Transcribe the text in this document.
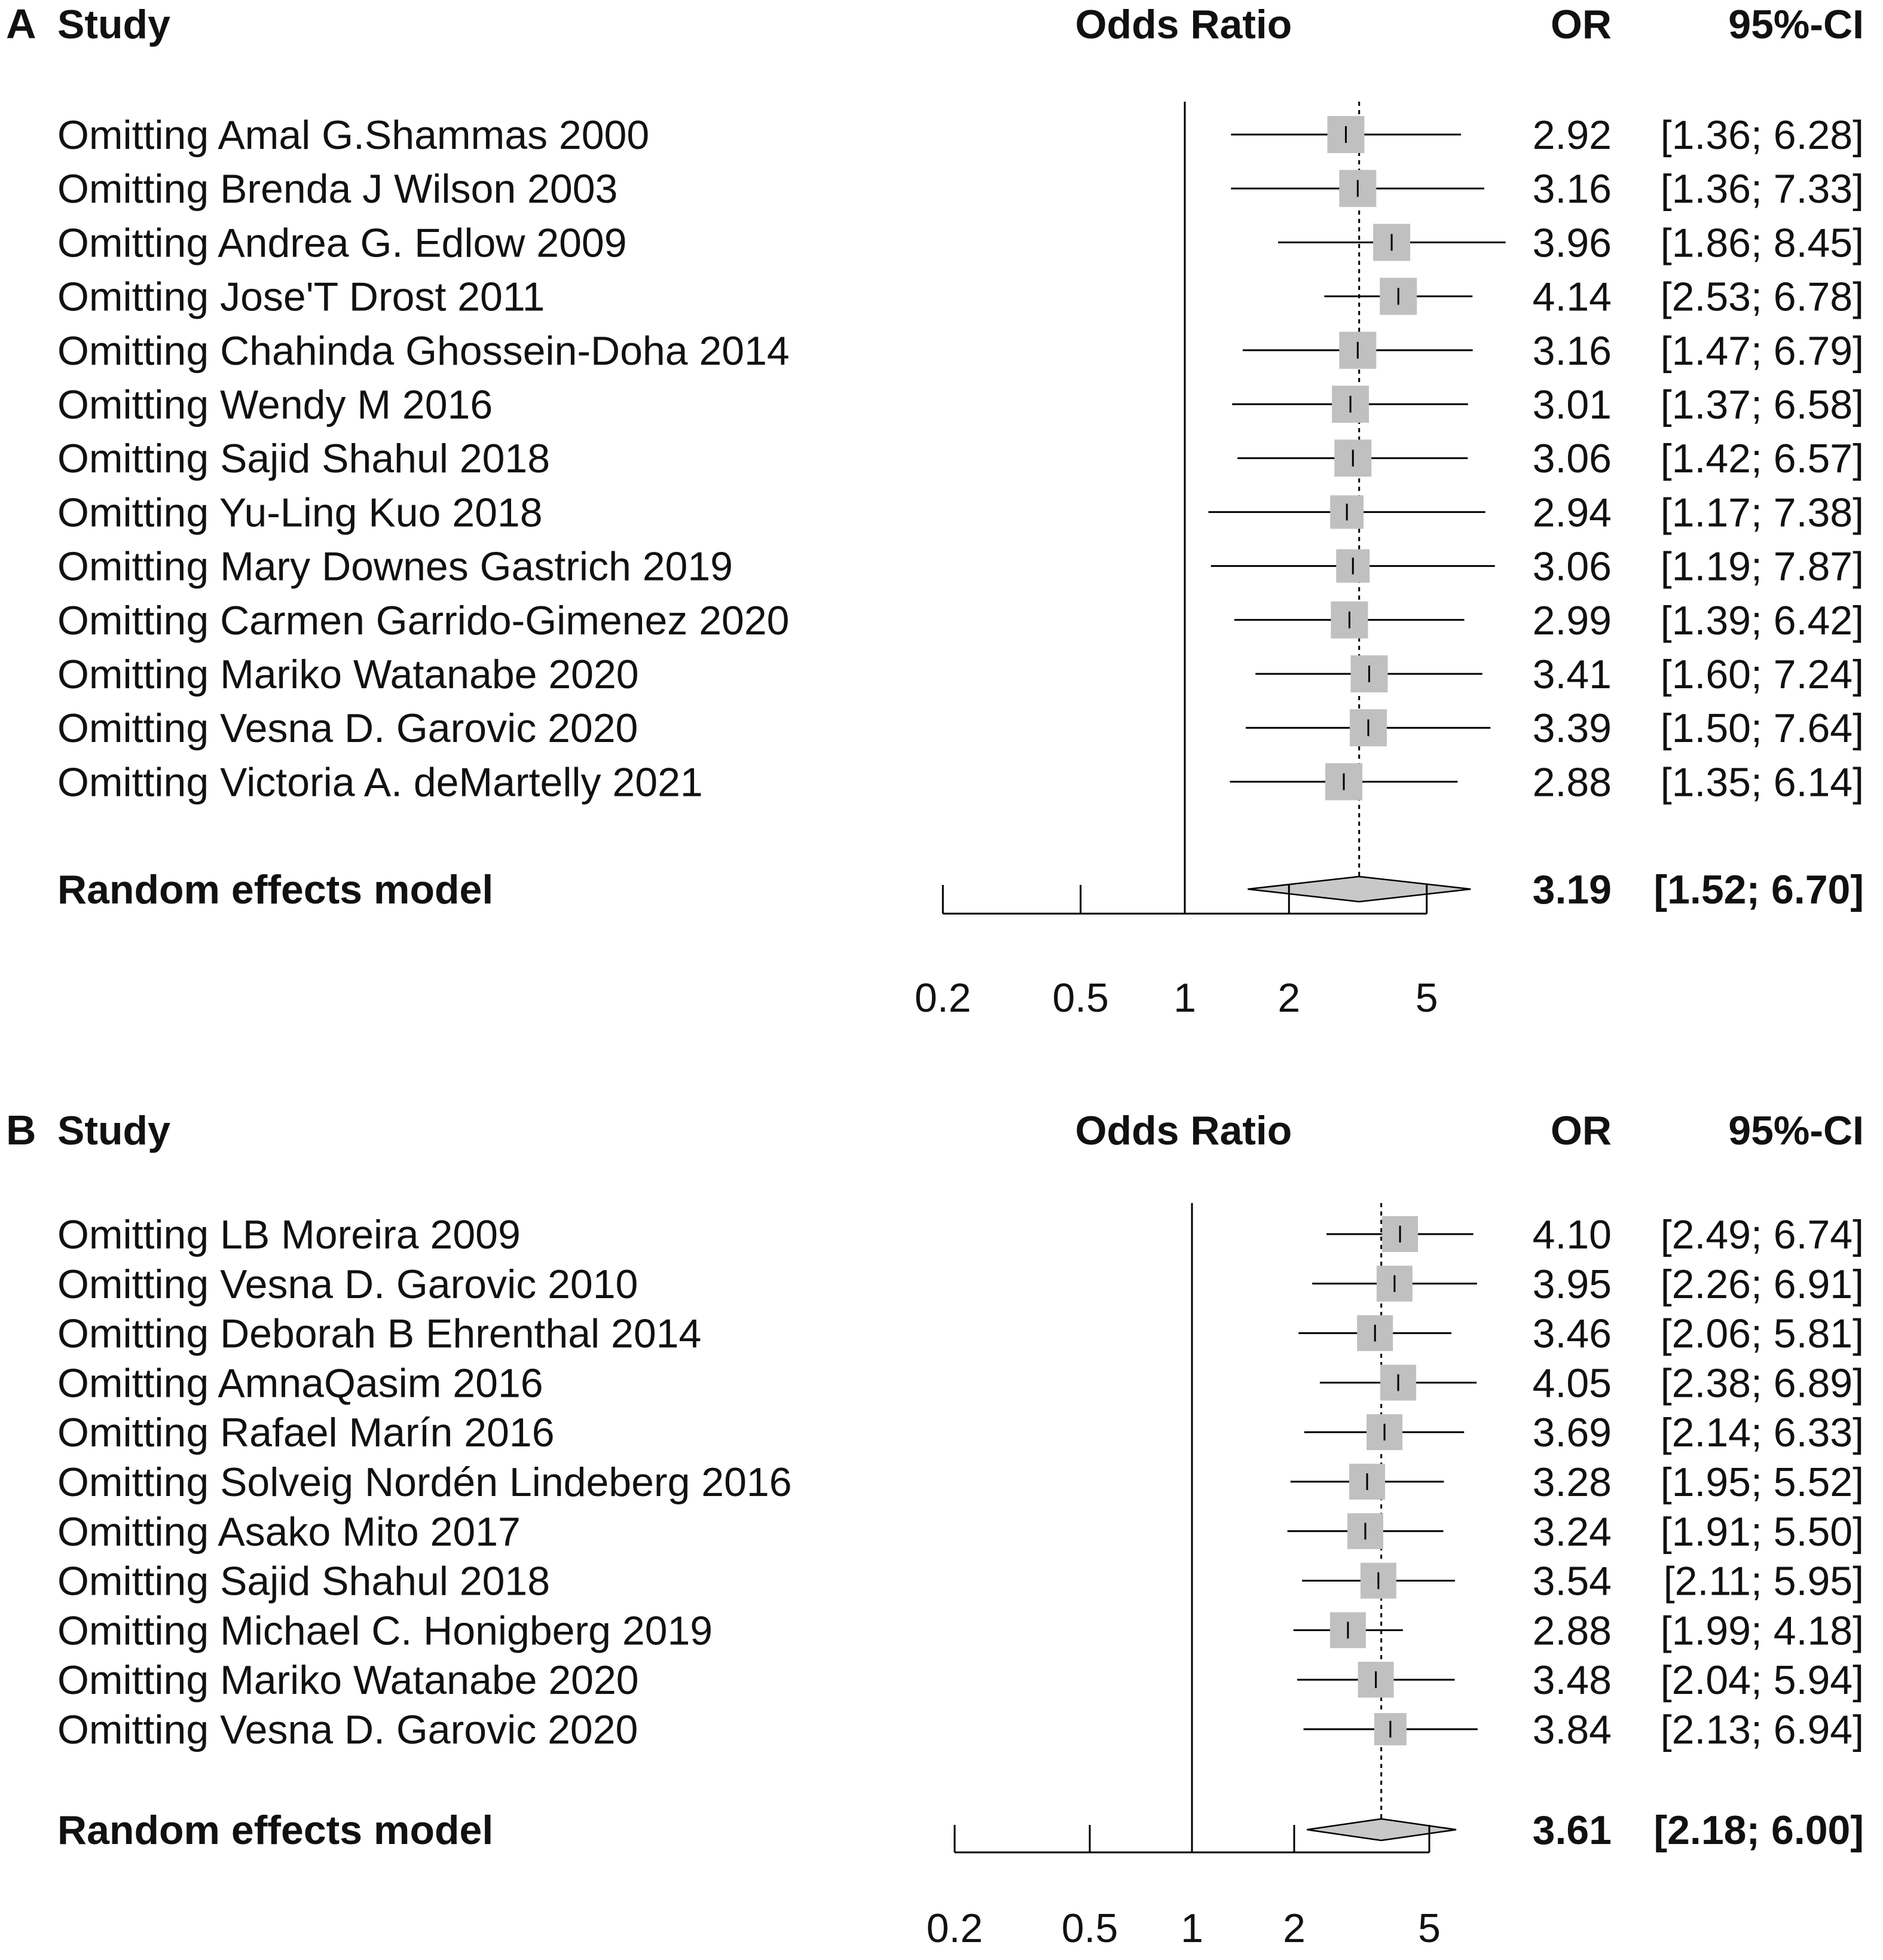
A Study	Odds Ratio	OR	95%-CI
Omitting Amal G.Shammas 2000	2.92 [1.36; 6.28]
Omitting Brenda J Wilson 2003	3.16 [1.36; 7.33]
Omitting Andrea G. Edlow 2009	3.96 [1.86; 8.45]
Omitting Jose'T Drost 2011	4.14 [2.53; 6.78]
Omitting Chahinda Ghossein-Doha 2014	3.16 [1.47; 6.79]
Omitting Wendy M 2016	3.01 [1.37; 6.58]
Omitting Sajid Shahul 2018	3.06 [1.42; 6.57]
Omitting Yu-Ling Kuo 2018	2.94 [1.17; 7.38]
Omitting Mary Downes Gastrich 2019	3.06 [1.19; 7.87]
Omitting Carmen Garrido-Gimenez 2020	2.99 [1.39; 6.42]
Omitting Mariko Watanabe 2020	3.41 [1.60; 7.24]
Omitting Vesna D. Garovic 2020	3.39 [1.50; 7.64]
Omitting Victoria A. deMartelly 2021	2.88 [1.35; 6.14]
Random effects model	3.19 [1.52; 6.70]
0.2 0.5 1 2	5
B Study	Odds Ratio	OR	95%-CI
Omitting LB Moreira 2009	4.10 [2.49; 6.74]
Omitting Vesna D. Garovic 2010	3.95 [2.26; 6.91]
Omitting Deborah B Ehrenthal 2014	3.46 [2.06; 5.81]
Omitting AmnaQasim 2016	4.05 [2.38; 6.89]
Omitting Rafael Marín 2016	3.69 [2.14; 6.33]
Omitting Solveig Nordén Lindeberg 2016	3.28 [1.95; 5.52]
Omitting Asako Mito 2017	3.24 [1.91; 5.50]
Omitting Sajid Shahul 2018	3.54 [2.11; 5.95]
Omitting Michael C. Honigberg 2019	2.88 [1.99; 4.18]
Omitting Mariko Watanabe 2020	3.48 [2.04; 5.94]
Omitting Vesna D. Garovic 2020	3.84 [2.13; 6.94]
Random effects model	3.61 [2.18; 6.00]
0.2 0.5 1 2	5
